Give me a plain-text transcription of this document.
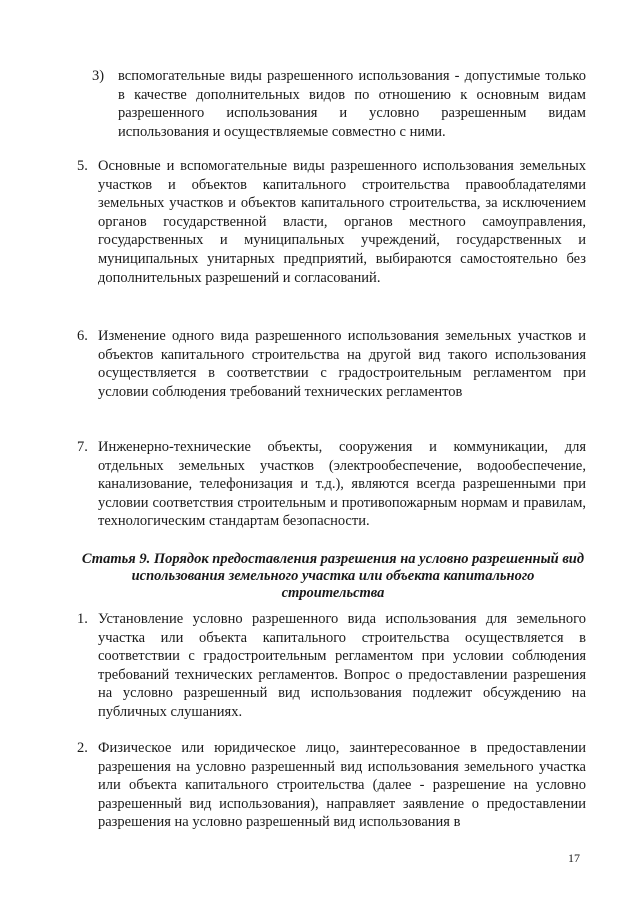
3) вспомогательные виды разрешенного использования - допустимые только в качестве дополнительных видов по отношению к основным видам разрешенного использования и условно разрешенным видам использования и осуществляемые совместно с ними.
5. Основные и вспомогательные виды разрешенного использования земельных участков и объектов капитального строительства правообладателями земельных участков и объектов капитального строительства, за исключением органов государственной власти, органов местного самоуправления, государственных и муниципальных учреждений, государственных и муниципальных унитарных предприятий, выбираются самостоятельно без дополнительных разрешений и согласований.
6. Изменение одного вида разрешенного использования земельных участков и объектов капитального строительства на другой вид такого использования осуществляется в соответствии с градостроительным регламентом при условии соблюдения требований технических регламентов
7. Инженерно-технические объекты, сооружения и коммуникации, для отдельных земельных участков (электрообеспечение, водообеспечение, канализование, телефонизация и т.д.), являются всегда разрешенными при условии соответствия строительным и противопожарным нормам и правилам, технологическим стандартам безопасности.
Статья 9. Порядок предоставления разрешения на условно разрешенный вид использования земельного участка или объекта капитального строительства
1. Установление условно разрешенного вида использования для земельного участка или объекта капитального строительства осуществляется в соответствии с градостроительным регламентом при условии соблюдения требований технических регламентов. Вопрос о предоставлении разрешения на условно разрешенный вид использования подлежит обсуждению на публичных слушаниях.
2. Физическое или юридическое лицо, заинтересованное в предоставлении разрешения на условно разрешенный вид использования земельного участка или объекта капитального строительства (далее - разрешение на условно разрешенный вид использования), направляет заявление о предоставлении разрешения на условно разрешенный вид использования в
17
